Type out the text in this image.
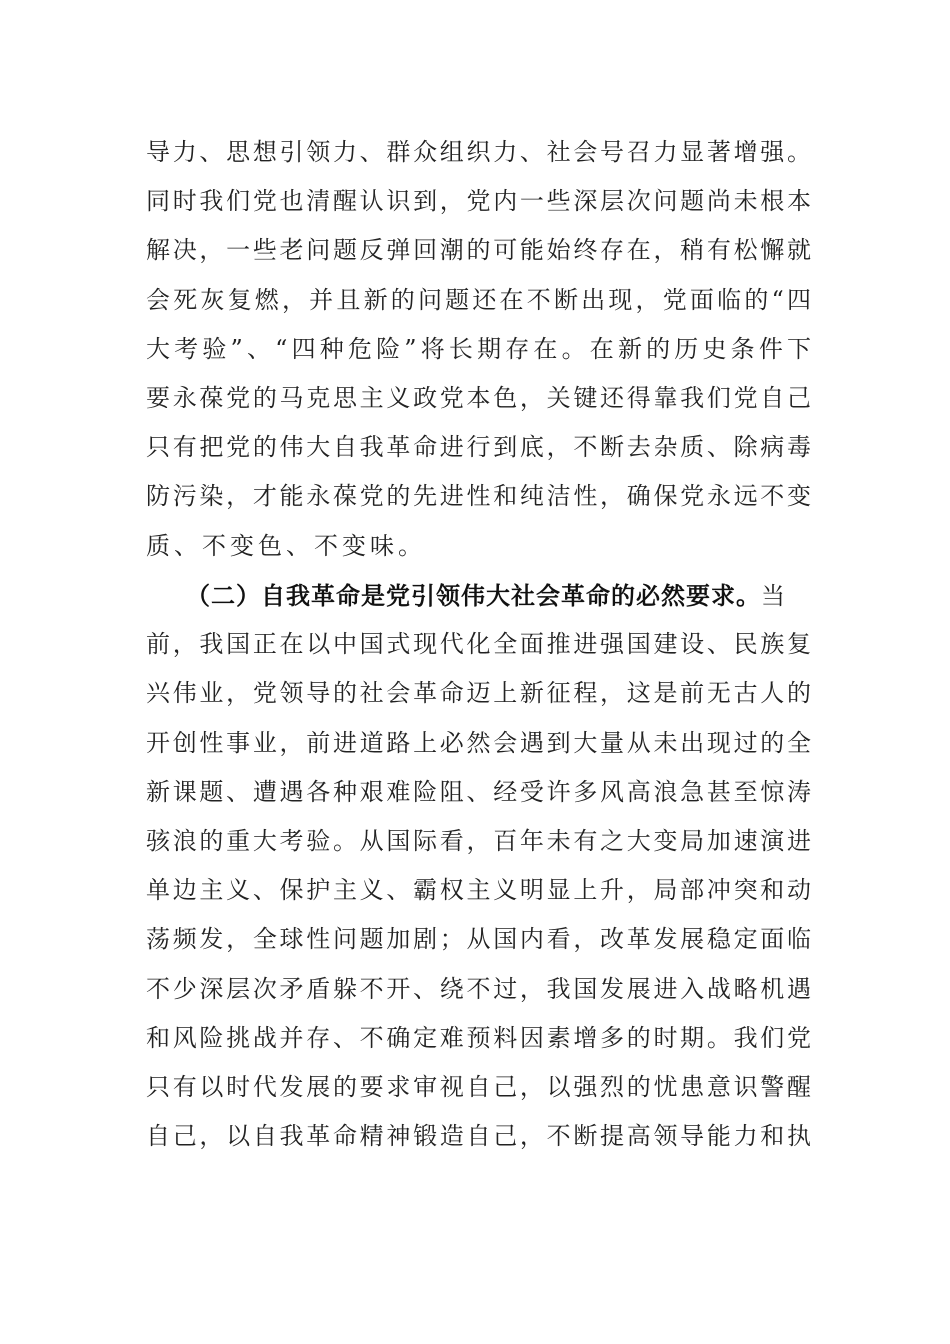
导力、思想引领力、群众组织力、社会号召力显著增强。
同时我们党也清醒认识到，党内一些深层次问题尚未根本
解决，一些老问题反弹回潮的可能始终存在，稍有松懈就
会死灰复燃，并且新的问题还在不断出现，党面临的“四
大考验”、“四种危险”将长期存在。在新的历史条件下
要永葆党的马克思主义政党本色，关键还得靠我们党自己
只有把党的伟大自我革命进行到底，不断去杂质、除病毒
防污染，才能永葆党的先进性和纯洁性，确保党永远不变
质、不变色、不变味。
（二）自我革命是党引领伟大社会革命的必然要求。当
前，我国正在以中国式现代化全面推进强国建设、民族复
兴伟业，党领导的社会革命迈上新征程，这是前无古人的
开创性事业，前进道路上必然会遇到大量从未出现过的全
新课题、遭遇各种艰难险阻、经受许多风高浪急甚至惊涛
骇浪的重大考验。从国际看，百年未有之大变局加速演进
单边主义、保护主义、霸权主义明显上升，局部冲突和动
荡频发，全球性问题加剧；从国内看，改革发展稳定面临
不少深层次矛盾躲不开、绕不过，我国发展进入战略机遇
和风险挑战并存、不确定难预料因素增多的时期。我们党
只有以时代发展的要求审视自己，以强烈的忧患意识警醒
自己，以自我革命精神锻造自己，不断提高领导能力和执
